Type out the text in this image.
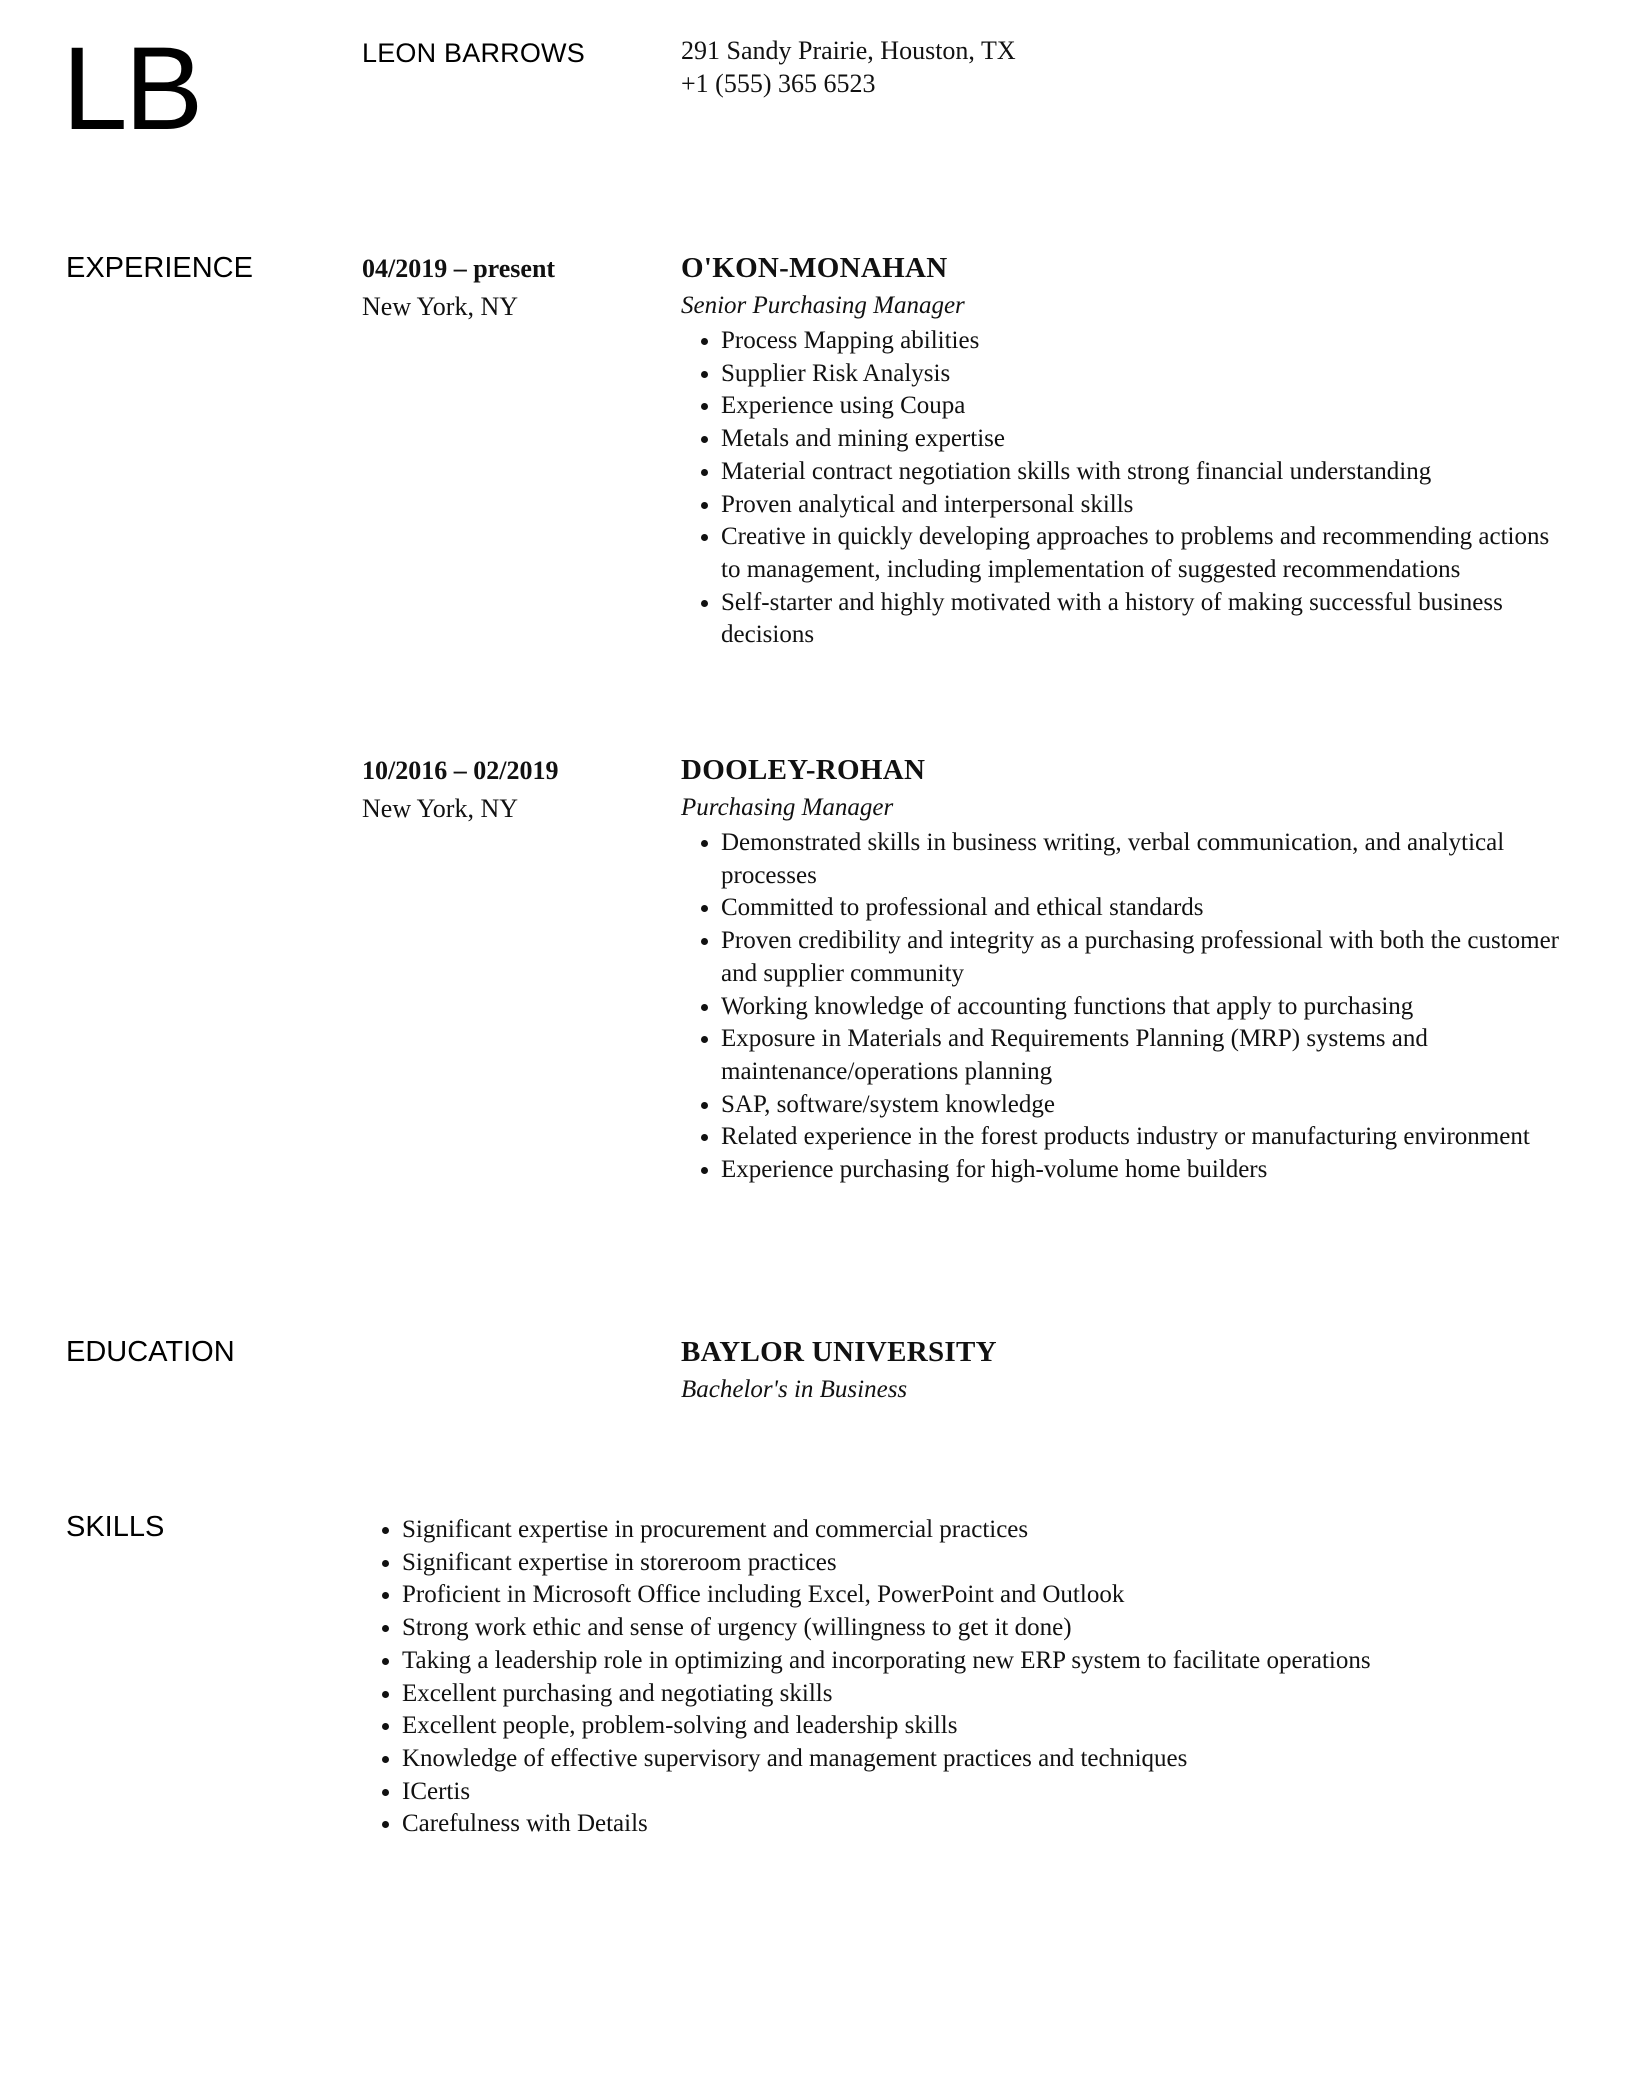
LB	LEON BARROWS	291 Sandy Prairie, Houston, TX
+1 (555) 365 6523
EXPERIENCE	04/2019 – present
New York, NY
O'KON-MONAHAN
Senior Purchasing Manager
• Process Mapping abilities
• Supplier Risk Analysis
• Experience using Coupa
• Metals and mining expertise
• Material contract negotiation skills with strong financial understanding
• Proven analytical and interpersonal skills
• Creative in quickly developing approaches to problems and recommending actions to management, including implementation of suggested recommendations
• Self-starter and highly motivated with a history of making successful business decisions
10/2016 – 02/2019
New York, NY
DOOLEY-ROHAN
Purchasing Manager
• Demonstrated skills in business writing, verbal communication, and analytical processes
• Committed to professional and ethical standards
• Proven credibility and integrity as a purchasing professional with both the customer and supplier community
• Working knowledge of accounting functions that apply to purchasing
• Exposure in Materials and Requirements Planning (MRP) systems and maintenance/operations planning
• SAP, software/system knowledge
• Related experience in the forest products industry or manufacturing environment
• Experience purchasing for high-volume home builders
EDUCATION	BAYLOR UNIVERSITY
Bachelor's in Business
SKILLS
•	Significant expertise in procurement and commercial practices
• Significant expertise in storeroom practices
• Proficient in Microsoft Office including Excel, PowerPoint and Outlook
• Strong work ethic and sense of urgency (willingness to get it done)
• Taking a leadership role in optimizing and incorporating new ERP system to facilitate operations
• Excellent purchasing and negotiating skills
• Excellent people, problem-solving and leadership skills
• Knowledge of effective supervisory and management practices and techniques
• ICertis
• Carefulness with Details
